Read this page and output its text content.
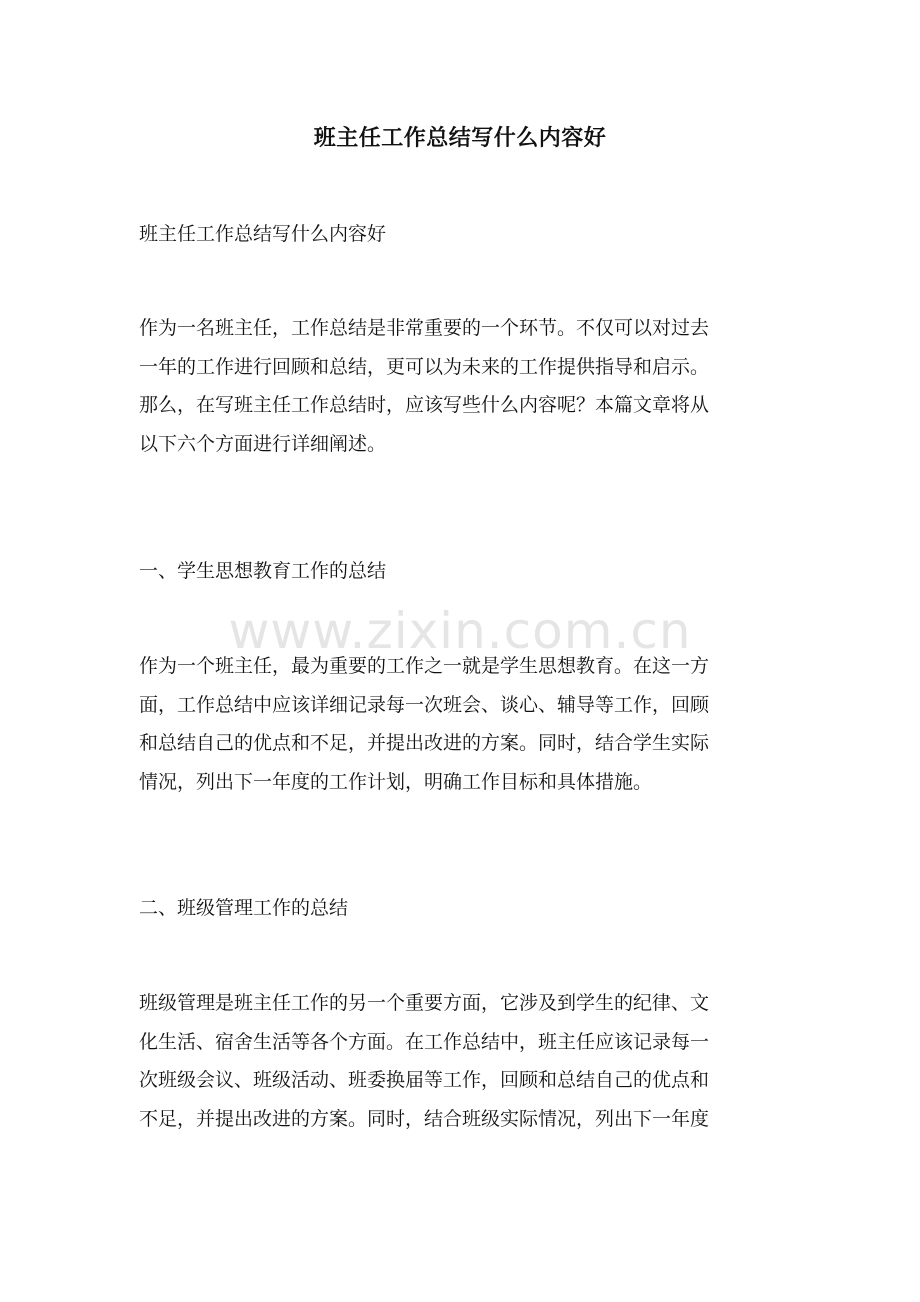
班主任工作总结写什么内容好
班主任工作总结写什么内容好
作为一名班主任，工作总结是非常重要的一个环节。不仅可以对过去
一年的工作进行回顾和总结，更可以为未来的工作提供指导和启示。
那么，在写班主任工作总结时，应该写些什么内容呢？本篇文章将从
以下六个方面进行详细阐述。
一、学生思想教育工作的总结
作为一个班主任，最为重要的工作之一就是学生思想教育。在这一方
面，工作总结中应该详细记录每一次班会、谈心、辅导等工作，回顾
和总结自己的优点和不足，并提出改进的方案。同时，结合学生实际
情况，列出下一年度的工作计划，明确工作目标和具体措施。
二、班级管理工作的总结
班级管理是班主任工作的另一个重要方面，它涉及到学生的纪律、文
化生活、宿舍生活等各个方面。在工作总结中，班主任应该记录每一
次班级会议、班级活动、班委换届等工作，回顾和总结自己的优点和
不足，并提出改进的方案。同时，结合班级实际情况，列出下一年度
www.zixin.com.cn
